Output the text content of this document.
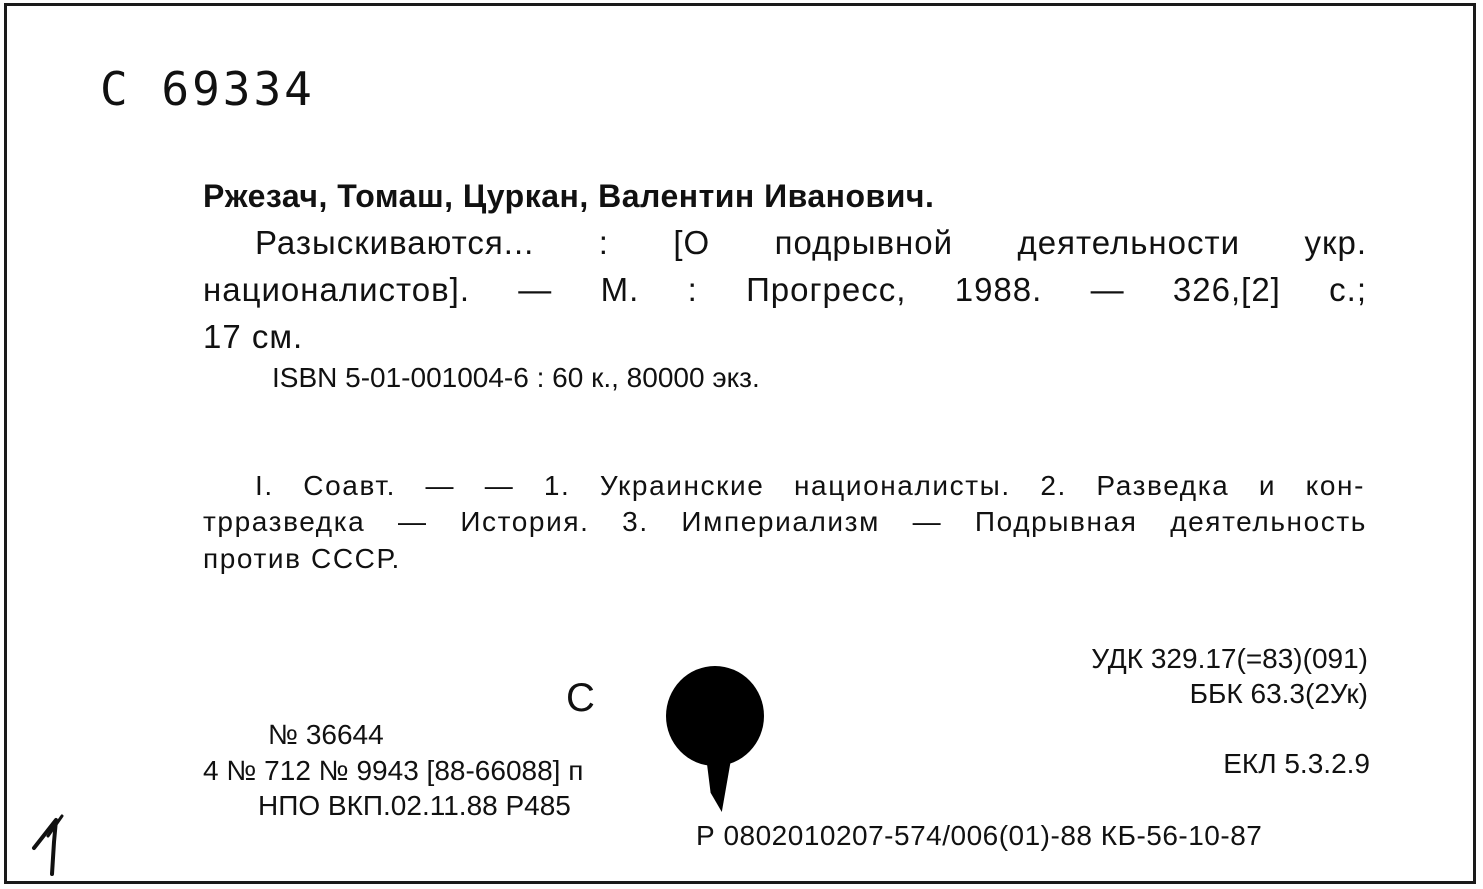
С 69334
Ржезач, Томаш, Цуркан, Валентин Иванович.
Разыскиваются... : [О подрывной деятельности укр.
националистов]. — М. : Прогресс, 1988. — 326,[2] с.;
17 см.
ISBN 5-01-001004-6 : 60 к., 80000 экз.
I. Соавт. — — 1. Украинские националисты. 2. Разведка и кон-
трразведка — История. 3. Империализм — Подрывная деятельность
против СССР.
УДК 329.17(=83)(091)
ББК 63.3(2Ук)
ЕКЛ 5.3.2.9
С
№ 36644
4 № 712 № 9943 [88-66088] п
НПО ВКП.02.11.88 Р485
Р 0802010207-574/006(01)-88 КБ-56-10-87
